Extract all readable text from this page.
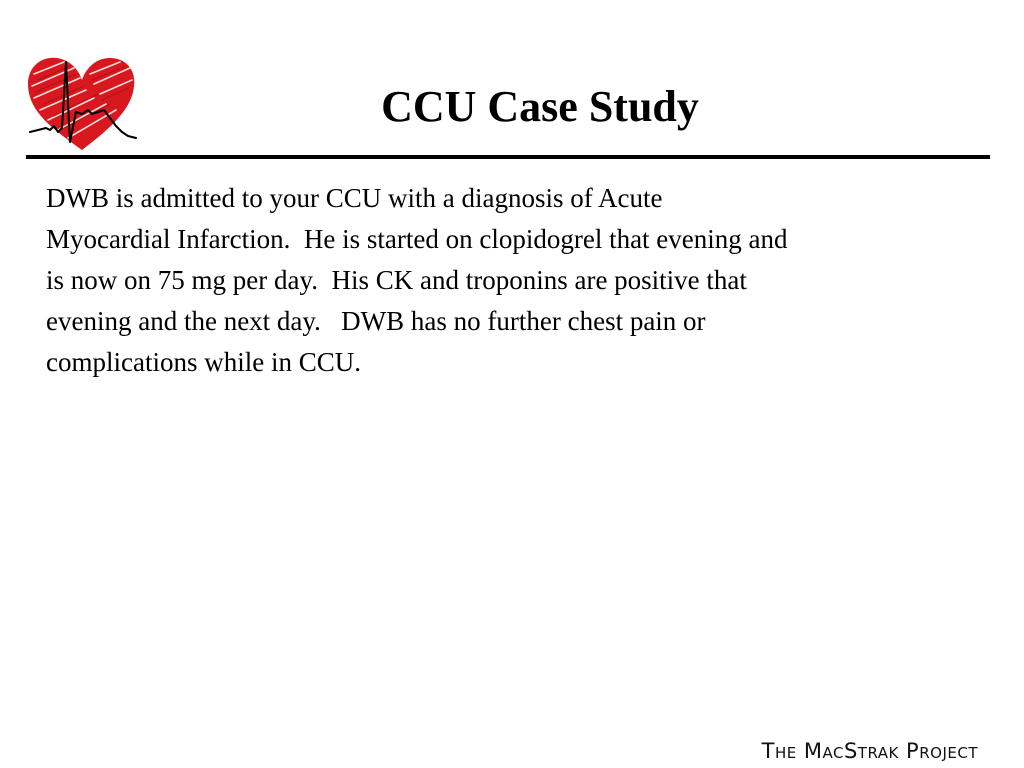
CCU Case Study

DWB is admitted to your CCU with a diagnosis of Acute
Myocardial Infarction.  He is started on clopidogrel that evening and
is now on 75 mg per day.  His CK and troponins are positive that
evening and the next day.   DWB has no further chest pain or
complications while in CCU.

The MacStrak Project
